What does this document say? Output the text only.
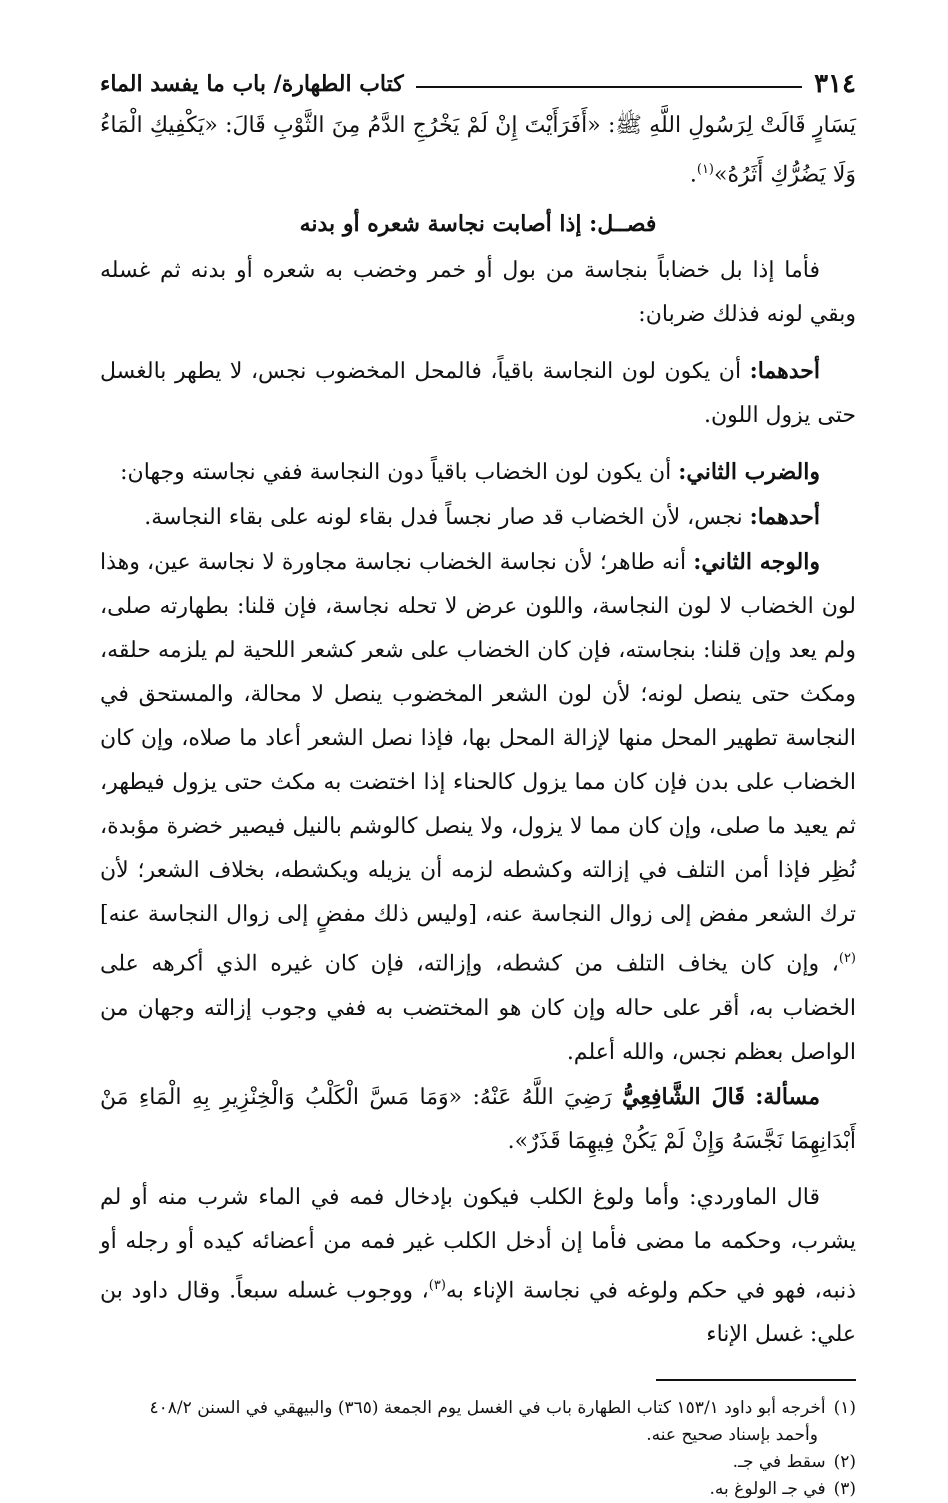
٣١٤
كتاب الطهارة/ باب ما يفسد الماء

يَسَارٍ قَالَتْ لِرَسُولِ اللَّهِ ﷺ: «أَفَرَأَيْتَ إِنْ لَمْ يَخْرُجِ الدَّمُ مِنَ الثَّوْبِ قَالَ: «يَكْفِيكِ الْمَاءُ وَلَا يَضُرُّكِ أَثَرُهُ»$^{(١)}$.

فصــل: إذا أصابت نجاسة شعره أو بدنه

فأما إذا بل خضاباً بنجاسة من بول أو خمر وخضب به شعره أو بدنه ثم غسله وبقي لونه فذلك ضربان:

أحدهما: أن يكون لون النجاسة باقياً، فالمحل المخضوب نجس، لا يطهر بالغسل حتى يزول اللون.

والضرب الثاني: أن يكون لون الخضاب باقياً دون النجاسة ففي نجاسته وجهان:

أحدهما: نجس، لأن الخضاب قد صار نجساً فدل بقاء لونه على بقاء النجاسة.

والوجه الثاني: أنه طاهر؛ لأن نجاسة الخضاب نجاسة مجاورة لا نجاسة عين، وهذا لون الخضاب لا لون النجاسة، واللون عرض لا تحله نجاسة، فإن قلنا: بطهارته صلى، ولم يعد وإن قلنا: بنجاسته، فإن كان الخضاب على شعر كشعر اللحية لم يلزمه حلقه، ومكث حتى ينصل لونه؛ لأن لون الشعر المخضوب ينصل لا محالة، والمستحق في النجاسة تطهير المحل منها لإزالة المحل بها، فإذا نصل الشعر أعاد ما صلاه، وإن كان الخضاب على بدن فإن كان مما يزول كالحناء إذا اختضت به مكث حتى يزول فيطهر، ثم يعيد ما صلى، وإن كان مما لا يزول، ولا ينصل كالوشم بالنيل فيصير خضرة مؤبدة، نُظِر فإذا أمن التلف في إزالته وكشطه لزمه أن يزيله ويكشطه، بخلاف الشعر؛ لأن ترك الشعر مفض إلى زوال النجاسة عنه، [وليس ذلك مفضٍ إلى زوال النجاسة عنه]$^{(٢)}$، وإن كان يخاف التلف من كشطه، وإزالته، فإن كان غيره الذي أكرهه على الخضاب به، أقر على حاله وإن كان هو المختضب به ففي وجوب إزالته وجهان من الواصل بعظم نجس، والله أعلم.

مسألة: قَالَ الشَّافِعِيُّ رَضِيَ اللَّهُ عَنْهُ: «وَمَا مَسَّ الْكَلْبُ وَالْخِنْزِيرِ بِهِ الْمَاءِ مَنْ أَبْدَانِهِمَا نَجَّسَهُ وَإِنْ لَمْ يَكُنْ فِيهِمَا قَذَرٌ».

قال الماوردي: وأما ولوغ الكلب فيكون بإدخال فمه في الماء شرب منه أو لم يشرب، وحكمه ما مضى فأما إن أدخل الكلب غير فمه من أعضائه كيده أو رجله أو ذنبه، فهو في حكم ولوغه في نجاسة الإناء به$^{(٣)}$، ووجوب غسله سبعاً. وقال داود بن علي: غسل الإناء

(١)
أخرجه أبو داود ١٥٣/١ كتاب الطهارة باب في الغسل يوم الجمعة (٣٦٥) والبيهقي في السنن ٤٠٨/٢
وأحمد بإسناد صحيح عنه.
(٢)
سقط في جـ.
(٣)
في جـ الولوغ به.
